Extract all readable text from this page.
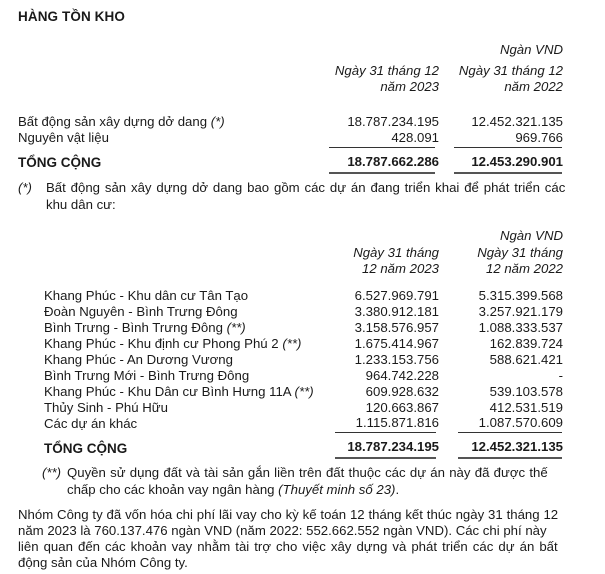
HÀNG TỒN KHO
Ngàn VND
Ngày 31 tháng 12
năm 2023
Ngày 31 tháng 12
năm 2022
Bất động sản xây dựng dở dang (*)	18.787.234.195 12.452.321.135
Nguyên vật liệu	428.091	969.766
TỔNG CỘNG	18.787.662.286 12.453.290.901
(*) Bất động sản xây dựng dở dang bao gồm các dự án đang triển khai để phát triển các
khu dân cư:
Ngàn VND
Ngày 31 tháng
12 năm 2023
Ngày 31 tháng
12 năm 2022
Khang Phúc - Khu dân cư Tân Tạo	6.527.969.791	5.315.399.568
Đoàn Nguyên - Bình Trưng Đông	3.380.912.181	3.257.921.179
Bình Trưng - Bình Trưng Đông (**)	3.158.576.957	1.088.333.537
Khang Phúc - Khu định cư Phong Phú 2 (**)	1.675.414.967	162.839.724
Khang Phúc - An Dương Vương	1.233.153.756	588.621.421
Bình Trưng Mới - Bình Trưng Đông	964.742.228	-
Khang Phúc - Khu Dân cư Bình Hưng 11A (**)	609.928.632	539.103.578
Thủy Sinh - Phú Hữu	120.663.867	412.531.519
Các dự án khác	1.115.871.816	1.087.570.609
TỔNG CỘNG	18.787.234.195 12.452.321.135
(**) Quyền sử dụng đất và tài sản gắn liền trên đất thuộc các dự án này đã được thế
chấp cho các khoản vay ngân hàng (Thuyết minh số 23).
Nhóm Công ty đã vốn hóa chi phí lãi vay cho kỳ kế toán 12 tháng kết thúc ngày 31 tháng 12
năm 2023 là 760.137.476 ngàn VND (năm 2022: 552.662.552 ngàn VND). Các chi phí này
liên quan đến các khoản vay nhằm tài trợ cho việc xây dựng và phát triển các dự án bất
động sản của Nhóm Công ty.
